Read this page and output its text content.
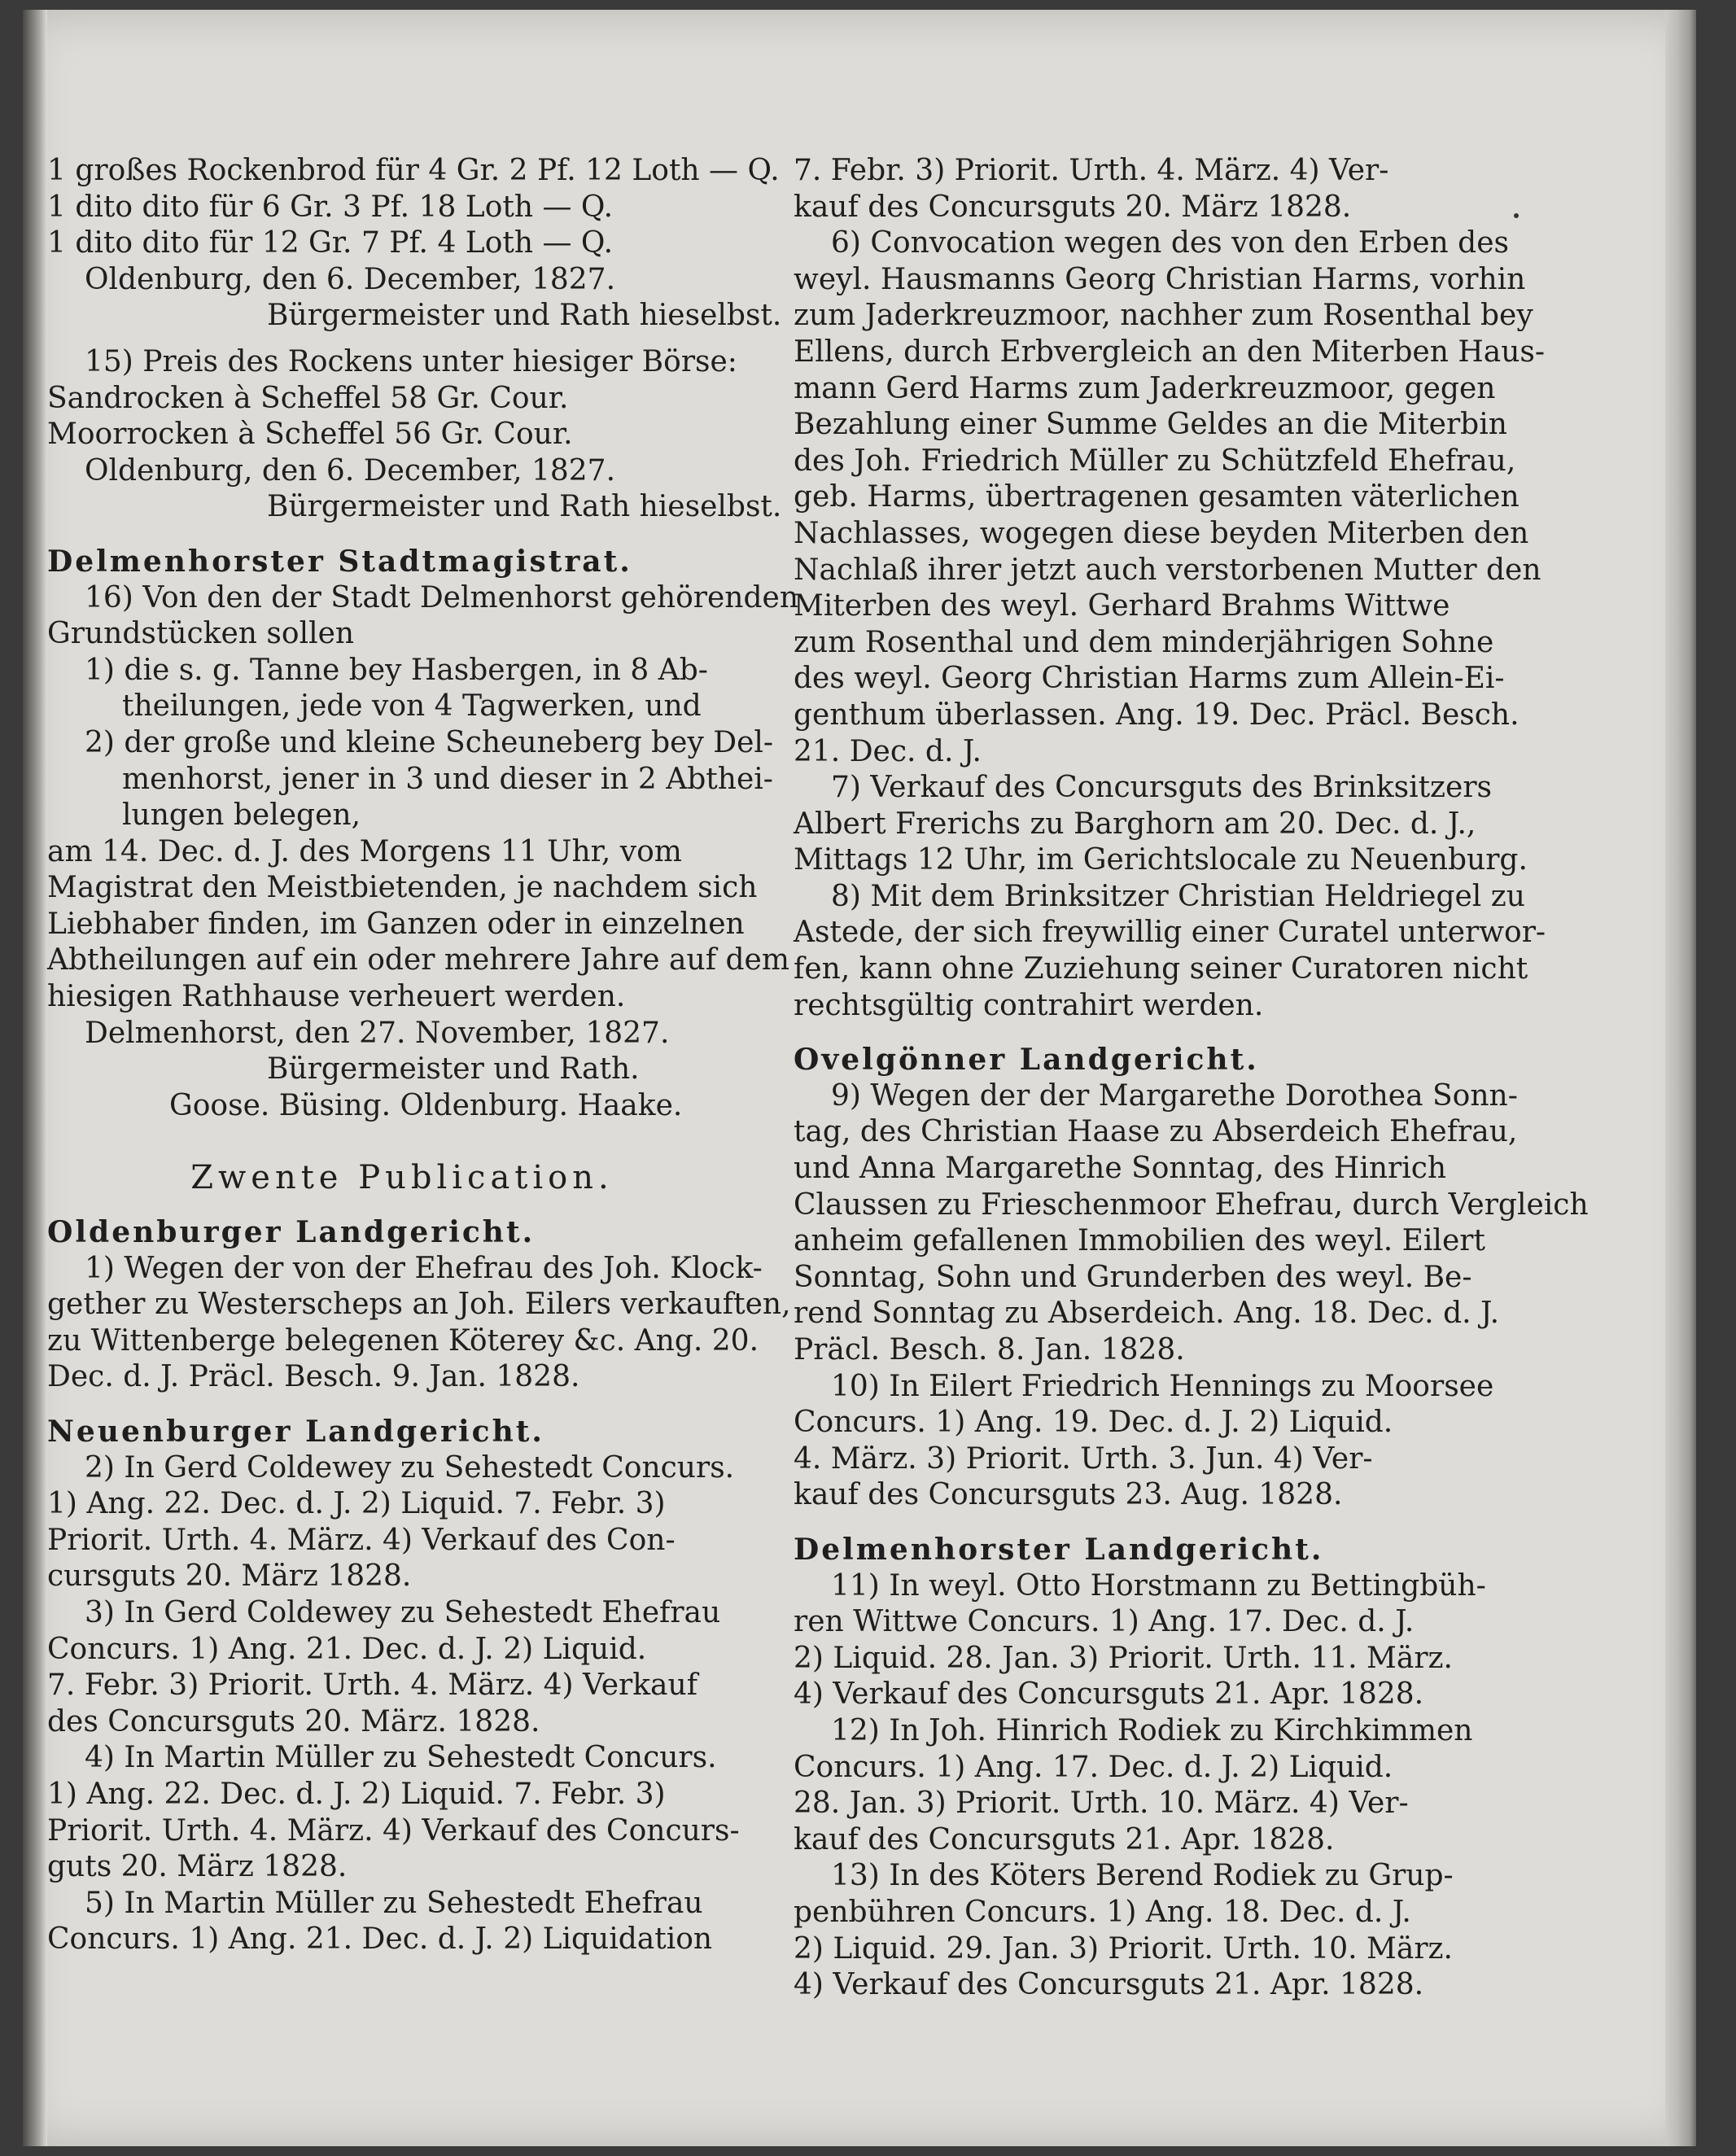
1 großes Rockenbrod für 4 Gr. 2 Pf. 12 Loth — Q.
1 dito dito für 6 Gr. 3 Pf. 18 Loth — Q.
1 dito dito für 12 Gr. 7 Pf. 4 Loth — Q.
Oldenburg, den 6. December, 1827.
Bürgermeister und Rath hieselbst.
15) Preis des Rockens unter hiesiger Börse:
Sandrocken à Scheffel 58 Gr. Cour.
Moorrocken à Scheffel 56 Gr. Cour.
Oldenburg, den 6. December, 1827.
Bürgermeister und Rath hieselbst.
Delmenhorster Stadtmagistrat.
16) Von den der Stadt Delmenhorst gehörenden
Grundstücken sollen
1) die s. g. Tanne bey Hasbergen, in 8 Ab-
theilungen, jede von 4 Tagwerken, und
2) der große und kleine Scheuneberg bey Del-
menhorst, jener in 3 und dieser in 2 Abthei-
lungen belegen,
am 14. Dec. d. J. des Morgens 11 Uhr, vom
Magistrat den Meistbietenden, je nachdem sich
Liebhaber finden, im Ganzen oder in einzelnen
Abtheilungen auf ein oder mehrere Jahre auf dem
hiesigen Rathhause verheuert werden.
Delmenhorst, den 27. November, 1827.
Bürgermeister und Rath.
Goose. Büsing. Oldenburg. Haake.
Zwente Publication.
Oldenburger Landgericht.
1) Wegen der von der Ehefrau des Joh. Klock-
gether zu Westerscheps an Joh. Eilers verkauften,
zu Wittenberge belegenen Köterey &c. Ang. 20.
Dec. d. J. Präcl. Besch. 9. Jan. 1828.
Neuenburger Landgericht.
2) In Gerd Coldewey zu Sehestedt Concurs.
1) Ang. 22. Dec. d. J. 2) Liquid. 7. Febr. 3)
Priorit. Urth. 4. März. 4) Verkauf des Con-
cursguts 20. März 1828.
3) In Gerd Coldewey zu Sehestedt Ehefrau
Concurs. 1) Ang. 21. Dec. d. J. 2) Liquid.
7. Febr. 3) Priorit. Urth. 4. März. 4) Verkauf
des Concursguts 20. März. 1828.
4) In Martin Müller zu Sehestedt Concurs.
1) Ang. 22. Dec. d. J. 2) Liquid. 7. Febr. 3)
Priorit. Urth. 4. März. 4) Verkauf des Concurs-
guts 20. März 1828.
5) In Martin Müller zu Sehestedt Ehefrau
Concurs. 1) Ang. 21. Dec. d. J. 2) Liquidation
7. Febr. 3) Priorit. Urth. 4. März. 4) Ver-
kauf des Concursguts 20. März 1828.
6) Convocation wegen des von den Erben des
weyl. Hausmanns Georg Christian Harms, vorhin
zum Jaderkreuzmoor, nachher zum Rosenthal bey
Ellens, durch Erbvergleich an den Miterben Haus-
mann Gerd Harms zum Jaderkreuzmoor, gegen
Bezahlung einer Summe Geldes an die Miterbin
des Joh. Friedrich Müller zu Schützfeld Ehefrau,
geb. Harms, übertragenen gesamten väterlichen
Nachlasses, wogegen diese beyden Miterben den
Nachlaß ihrer jetzt auch verstorbenen Mutter den
Miterben des weyl. Gerhard Brahms Wittwe
zum Rosenthal und dem minderjährigen Sohne
des weyl. Georg Christian Harms zum Allein-Ei-
genthum überlassen. Ang. 19. Dec. Präcl. Besch.
21. Dec. d. J.
7) Verkauf des Concursguts des Brinksitzers
Albert Frerichs zu Barghorn am 20. Dec. d. J.,
Mittags 12 Uhr, im Gerichtslocale zu Neuenburg.
8) Mit dem Brinksitzer Christian Heldriegel zu
Astede, der sich freywillig einer Curatel unterwor-
fen, kann ohne Zuziehung seiner Curatoren nicht
rechtsgültig contrahirt werden.
Ovelgönner Landgericht.
9) Wegen der der Margarethe Dorothea Sonn-
tag, des Christian Haase zu Abserdeich Ehefrau,
und Anna Margarethe Sonntag, des Hinrich
Claussen zu Frieschenmoor Ehefrau, durch Vergleich
anheim gefallenen Immobilien des weyl. Eilert
Sonntag, Sohn und Grunderben des weyl. Be-
rend Sonntag zu Abserdeich. Ang. 18. Dec. d. J.
Präcl. Besch. 8. Jan. 1828.
10) In Eilert Friedrich Hennings zu Moorsee
Concurs. 1) Ang. 19. Dec. d. J. 2) Liquid.
4. März. 3) Priorit. Urth. 3. Jun. 4) Ver-
kauf des Concursguts 23. Aug. 1828.
Delmenhorster Landgericht.
11) In weyl. Otto Horstmann zu Bettingbüh-
ren Wittwe Concurs. 1) Ang. 17. Dec. d. J.
2) Liquid. 28. Jan. 3) Priorit. Urth. 11. März.
4) Verkauf des Concursguts 21. Apr. 1828.
12) In Joh. Hinrich Rodiek zu Kirchkimmen
Concurs. 1) Ang. 17. Dec. d. J. 2) Liquid.
28. Jan. 3) Priorit. Urth. 10. März. 4) Ver-
kauf des Concursguts 21. Apr. 1828.
13) In des Köters Berend Rodiek zu Grup-
penbühren Concurs. 1) Ang. 18. Dec. d. J.
2) Liquid. 29. Jan. 3) Priorit. Urth. 10. März.
4) Verkauf des Concursguts 21. Apr. 1828.
